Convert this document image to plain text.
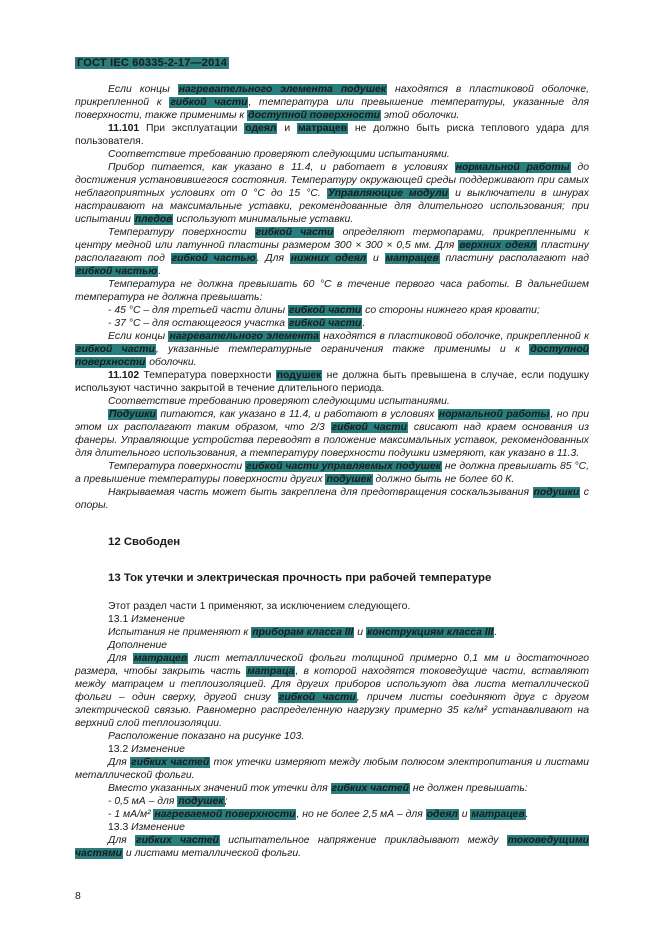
ГОСТ IEC 60335-2-17—2014

Если концы нагревательного элемента подушек находятся в пластиковой оболочке, прикрепленной к гибкой части, температура или превышение температуры, указанные для поверхности, также применимы к доступной поверхности этой оболочки.

11.101 При эксплуатации одеял и матрацев не должно быть риска теплового удара для пользователя.

Соответствие требованию проверяют следующими испытаниями.

Прибор питается, как указано в 11.4, и работает в условиях нормальной работы до достижения установившегося состояния. Температуру окружающей среды поддерживают при самых неблагоприятных условиях от 0 °С до 15 °С. Управляющие модули и выключатели в шнурах настраивают на максимальные уставки, рекомендованные для длительного использования; при испытании пледов используют минимальные уставки.

Температуру поверхности гибкой части определяют термопарами, прикрепленными к центру медной или латунной пластины размером 300 × 300 × 0,5 мм. Для верхних одеял пластину располагают под гибкой частью. Для нижних одеял и матрацев пластину располагают над гибкой частью.

Температура не должна превышать 60 °С в течение первого часа работы. В дальнейшем температура не должна превышать:

- 45 °С – для третьей части длины гибкой части со стороны нижнего края кровати;

- 37 °С – для остающегося участка гибкой части.

Если концы нагревательного элемента находятся в пластиковой оболочке, прикрепленной к гибкой части, указанные температурные ограничения также применимы и к доступной поверхности оболочки.

11.102 Температура поверхности подушек не должна быть превышена в случае, если подушку используют частично закрытой в течение длительного периода.

Соответствие требованию проверяют следующими испытаниями.

Подушки питаются, как указано в 11.4, и работают в условиях нормальной работы, но при этом их располагают таким образом, что 2/3 гибкой части свисают над краем основания из фанеры. Управляющие устройства переводят в положение максимальных уставок, рекомендованных для длительного использования, а температуру поверхности подушки измеряют, как указано в 11.3.

Температура поверхности гибкой части управляемых подушек не должна превышать 85 °С, а превышение температуры поверхности других подушек должно быть не более 60 К.

Накрываемая часть может быть закреплена для предотвращения соскальзывания подушки с опоры.

12 Свободен
13 Ток утечки и электрическая прочность при рабочей температуре

Этот раздел части 1 применяют, за исключением следующего.

13.1 Изменение

Испытания не применяют к приборам класса III и конструкциям класса III.

Дополнение

Для матрацев лист металлической фольги толщиной примерно 0,1 мм и достаточного размера, чтобы закрыть часть матраца, в которой находятся токоведущие части, вставляют между матрацем и теплоизоляцией. Для других приборов используют два листа металлической фольги – один сверху, другой снизу гибкой части, причем листы соединяют друг с другом электрической связью. Равномерно распределенную нагрузку примерно 35 кг/м² устанавливают на верхний слой теплоизоляции.

Расположение показано на рисунке 103.

13.2 Изменение

Для гибких частей ток утечки измеряют между любым полюсом электропитания и листами металлической фольги.

Вместо указанных значений ток утечки для гибких частей не должен превышать:

- 0,5 мА – для подушек;

- 1 мА/м² нагреваемой поверхности, но не более 2,5 мА – для одеял и матрацев.

13.3 Изменение

Для гибких частей испытательное напряжение прикладывают между токоведущими частями и листами металлической фольги.

8
